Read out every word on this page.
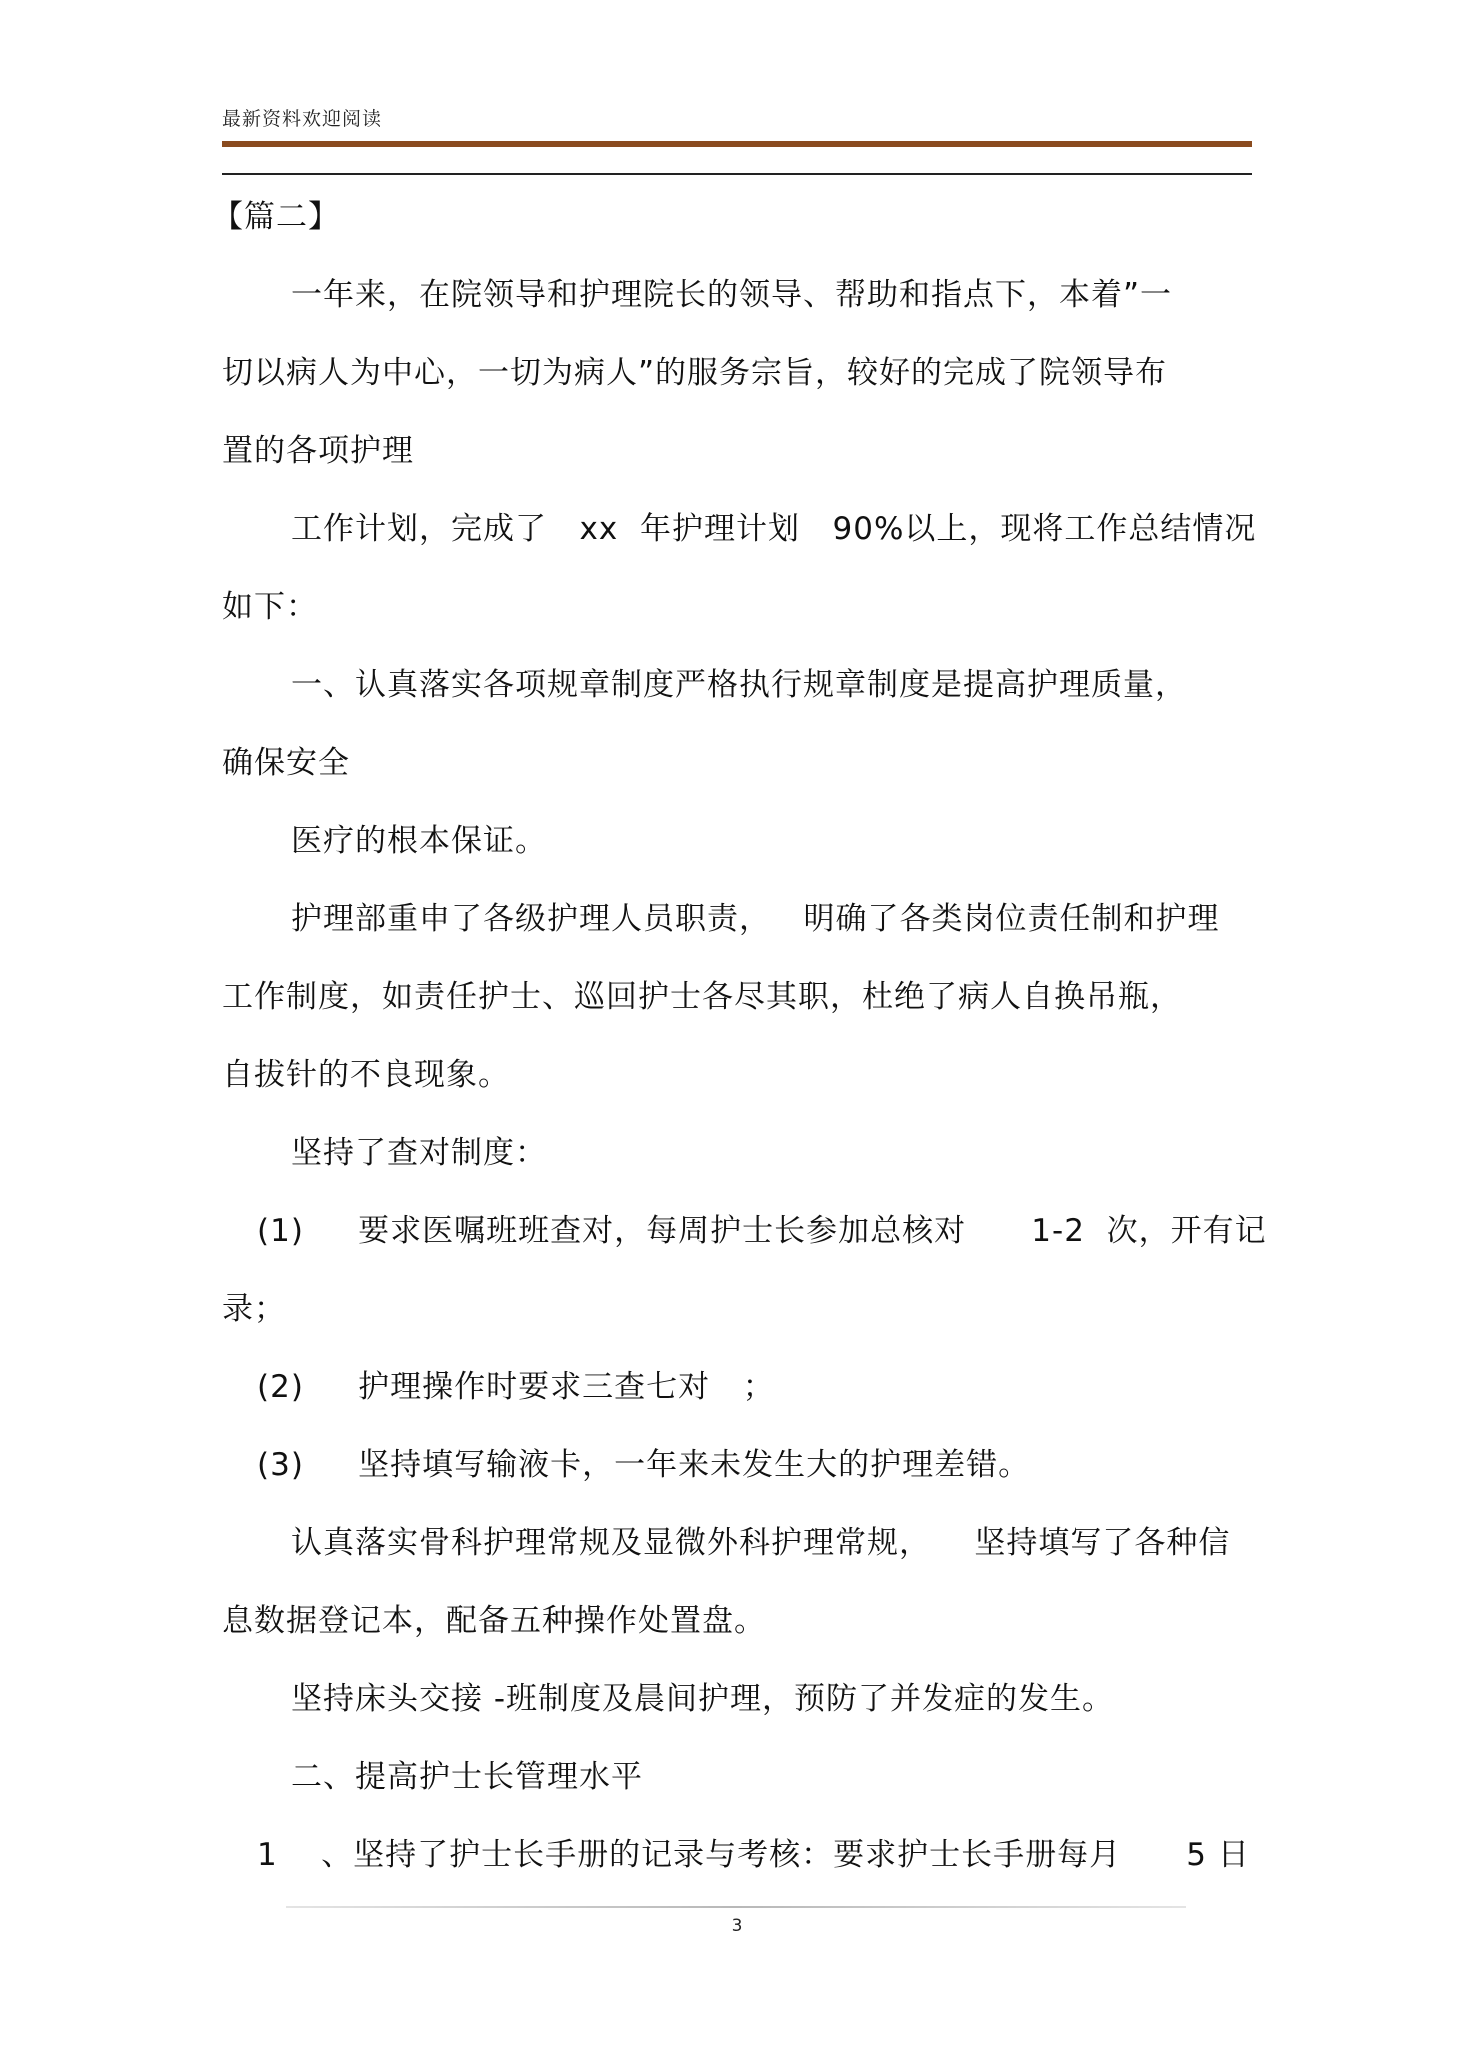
最新资料欢迎阅读
【篇二】
一年来，在院领导和护理院长的领导、帮助和指点下，本着”一
切以病人为中心，一切为病人”的服务宗旨，较好的完成了院领导布
置的各项护理
工作计划，完成了   xx  年护理计划   90%以上，现将工作总结情况
如下：
一、认真落实各项规章制度严格执行规章制度是提高护理质量，
确保安全
医疗的根本保证。
护理部重申了各级护理人员职责，   明确了各类岗位责任制和护理
工作制度，如责任护士、巡回护士各尽其职，杜绝了病人自换吊瓶，
自拔针的不良现象。
坚持了查对制度：
(1)     要求医嘱班班查对，每周护士长参加总核对      1-2  次，开有记
录；
(2)     护理操作时要求三查七对   ；
(3)     坚持填写输液卡，一年来未发生大的护理差错。
认真落实骨科护理常规及显微外科护理常规，    坚持填写了各种信
息数据登记本，配备五种操作处置盘。
坚持床头交接 -班制度及晨间护理，预防了并发症的发生。
二、提高护士长管理水平
1    、坚持了护士长手册的记录与考核：要求护士长手册每月      5 日
3
